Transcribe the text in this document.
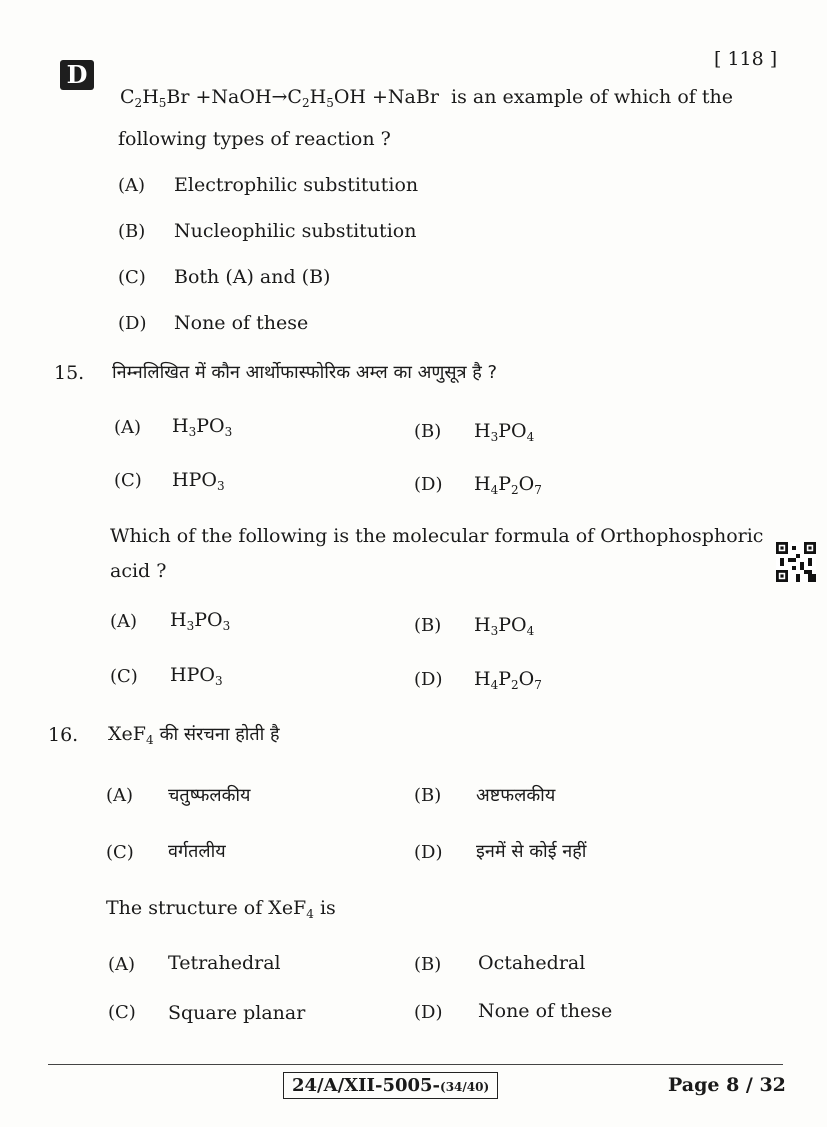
D
[ 118 ]
$C_2H_5Br$ $+NaOH\to C_2H_5OH$ +NaBr is an example of which of the
following types of reaction ?
(A) Electrophilic substitution
(B) Nucleophilic substitution
(C) Both (A) and (B)
(D) None of these
15. निम्नलिखित में कौन आर्थोफास्फोरिक अम्ल का अणुसूत्र है ?
(A) $H_3PO_3$	(B) $H_3PO_4$
(C) $HPO_3$	(D) $H_4P_2O_7$
Which of the following is the molecular formula of Orthophosphoric
acid ?
(A) $H_3PO_3$	(B) $H_3PO_4$
(C) $HPO_3$	(D) $H_4P_2O_7$
16. XeF$_4$ की संरचना होती है
(A) चतुष्फलकीय	(B) अष्टफलकीय
(C) वर्गतलीय	(D) इनमें से कोई नहीं
The structure of XeF$_4$ is
(A) Tetrahedral	(B) Octahedral
(C) Square planar	(D) None of these
24/A/XII-5005-(34/40)	Page 8 / 32
